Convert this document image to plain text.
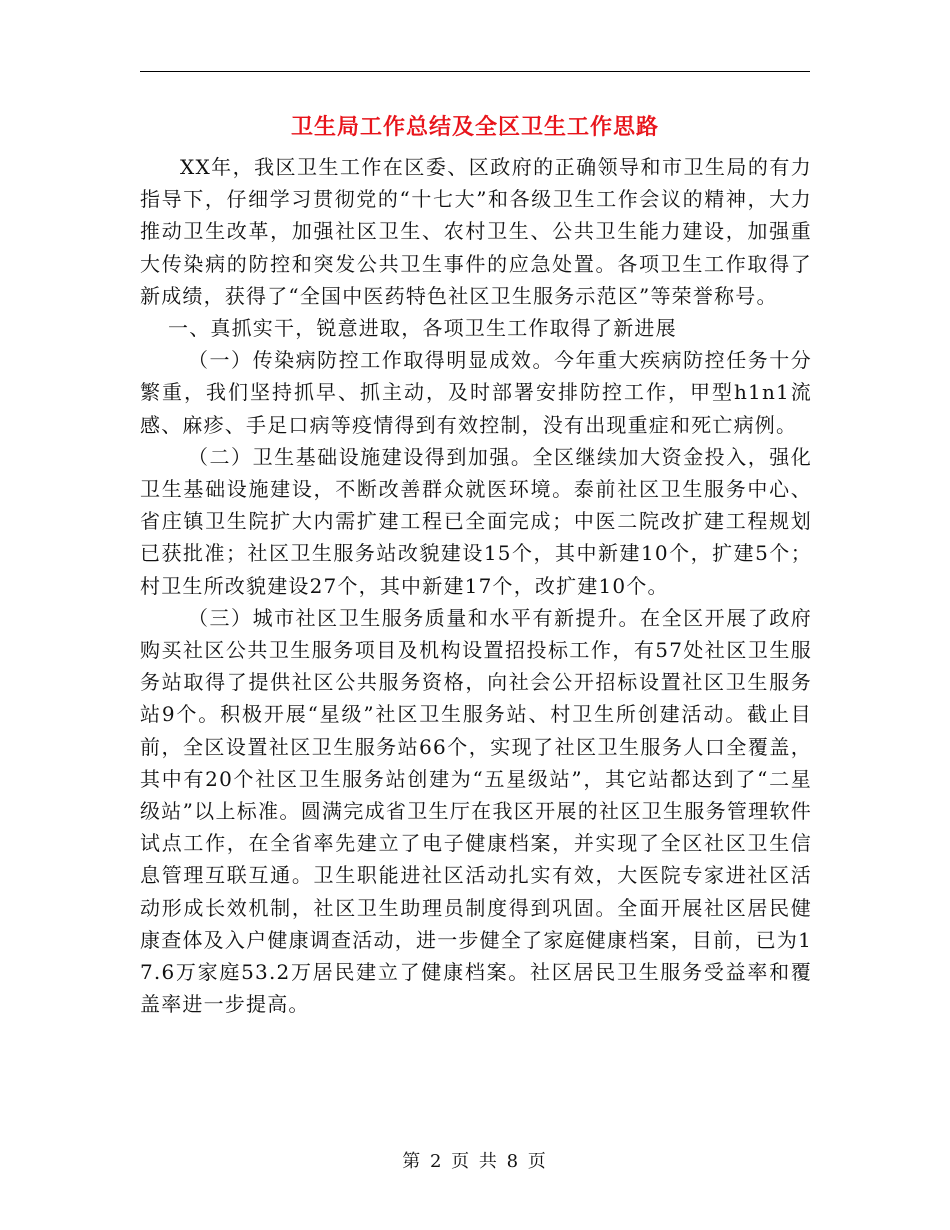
卫生局工作总结及全区卫生工作思路

XX年，我区卫生工作在区委、区政府的正确领导和市卫生局的有力指导下，仔细学习贯彻党的“十七大”和各级卫生工作会议的精神，大力推动卫生改革，加强社区卫生、农村卫生、公共卫生能力建设，加强重大传染病的防控和突发公共卫生事件的应急处置。各项卫生工作取得了新成绩，获得了“全国中医药特色社区卫生服务示范区”等荣誉称号。

一、真抓实干，锐意进取，各项卫生工作取得了新进展

（一）传染病防控工作取得明显成效。今年重大疾病防控任务十分繁重，我们坚持抓早、抓主动，及时部署安排防控工作，甲型h1n1流感、麻疹、手足口病等疫情得到有效控制，没有出现重症和死亡病例。

（二）卫生基础设施建设得到加强。全区继续加大资金投入，强化卫生基础设施建设，不断改善群众就医环境。泰前社区卫生服务中心、省庄镇卫生院扩大内需扩建工程已全面完成；中医二院改扩建工程规划已获批准；社区卫生服务站改貌建设15个，其中新建10个，扩建5个；村卫生所改貌建设27个，其中新建17个，改扩建10个。

（三）城市社区卫生服务质量和水平有新提升。在全区开展了政府购买社区公共卫生服务项目及机构设置招投标工作，有57处社区卫生服务站取得了提供社区公共服务资格，向社会公开招标设置社区卫生服务站9个。积极开展“星级”社区卫生服务站、村卫生所创建活动。截止目前，全区设置社区卫生服务站66个，实现了社区卫生服务人口全覆盖，其中有20个社区卫生服务站创建为“五星级站”，其它站都达到了“二星级站”以上标准。圆满完成省卫生厅在我区开展的社区卫生服务管理软件试点工作，在全省率先建立了电子健康档案，并实现了全区社区卫生信息管理互联互通。卫生职能进社区活动扎实有效，大医院专家进社区活动形成长效机制，社区卫生助理员制度得到巩固。全面开展社区居民健康查体及入户健康调查活动，进一步健全了家庭健康档案，目前，已为17.6万家庭53.2万居民建立了健康档案。社区居民卫生服务受益率和覆盖率进一步提高。

第 2 页 共 8 页
